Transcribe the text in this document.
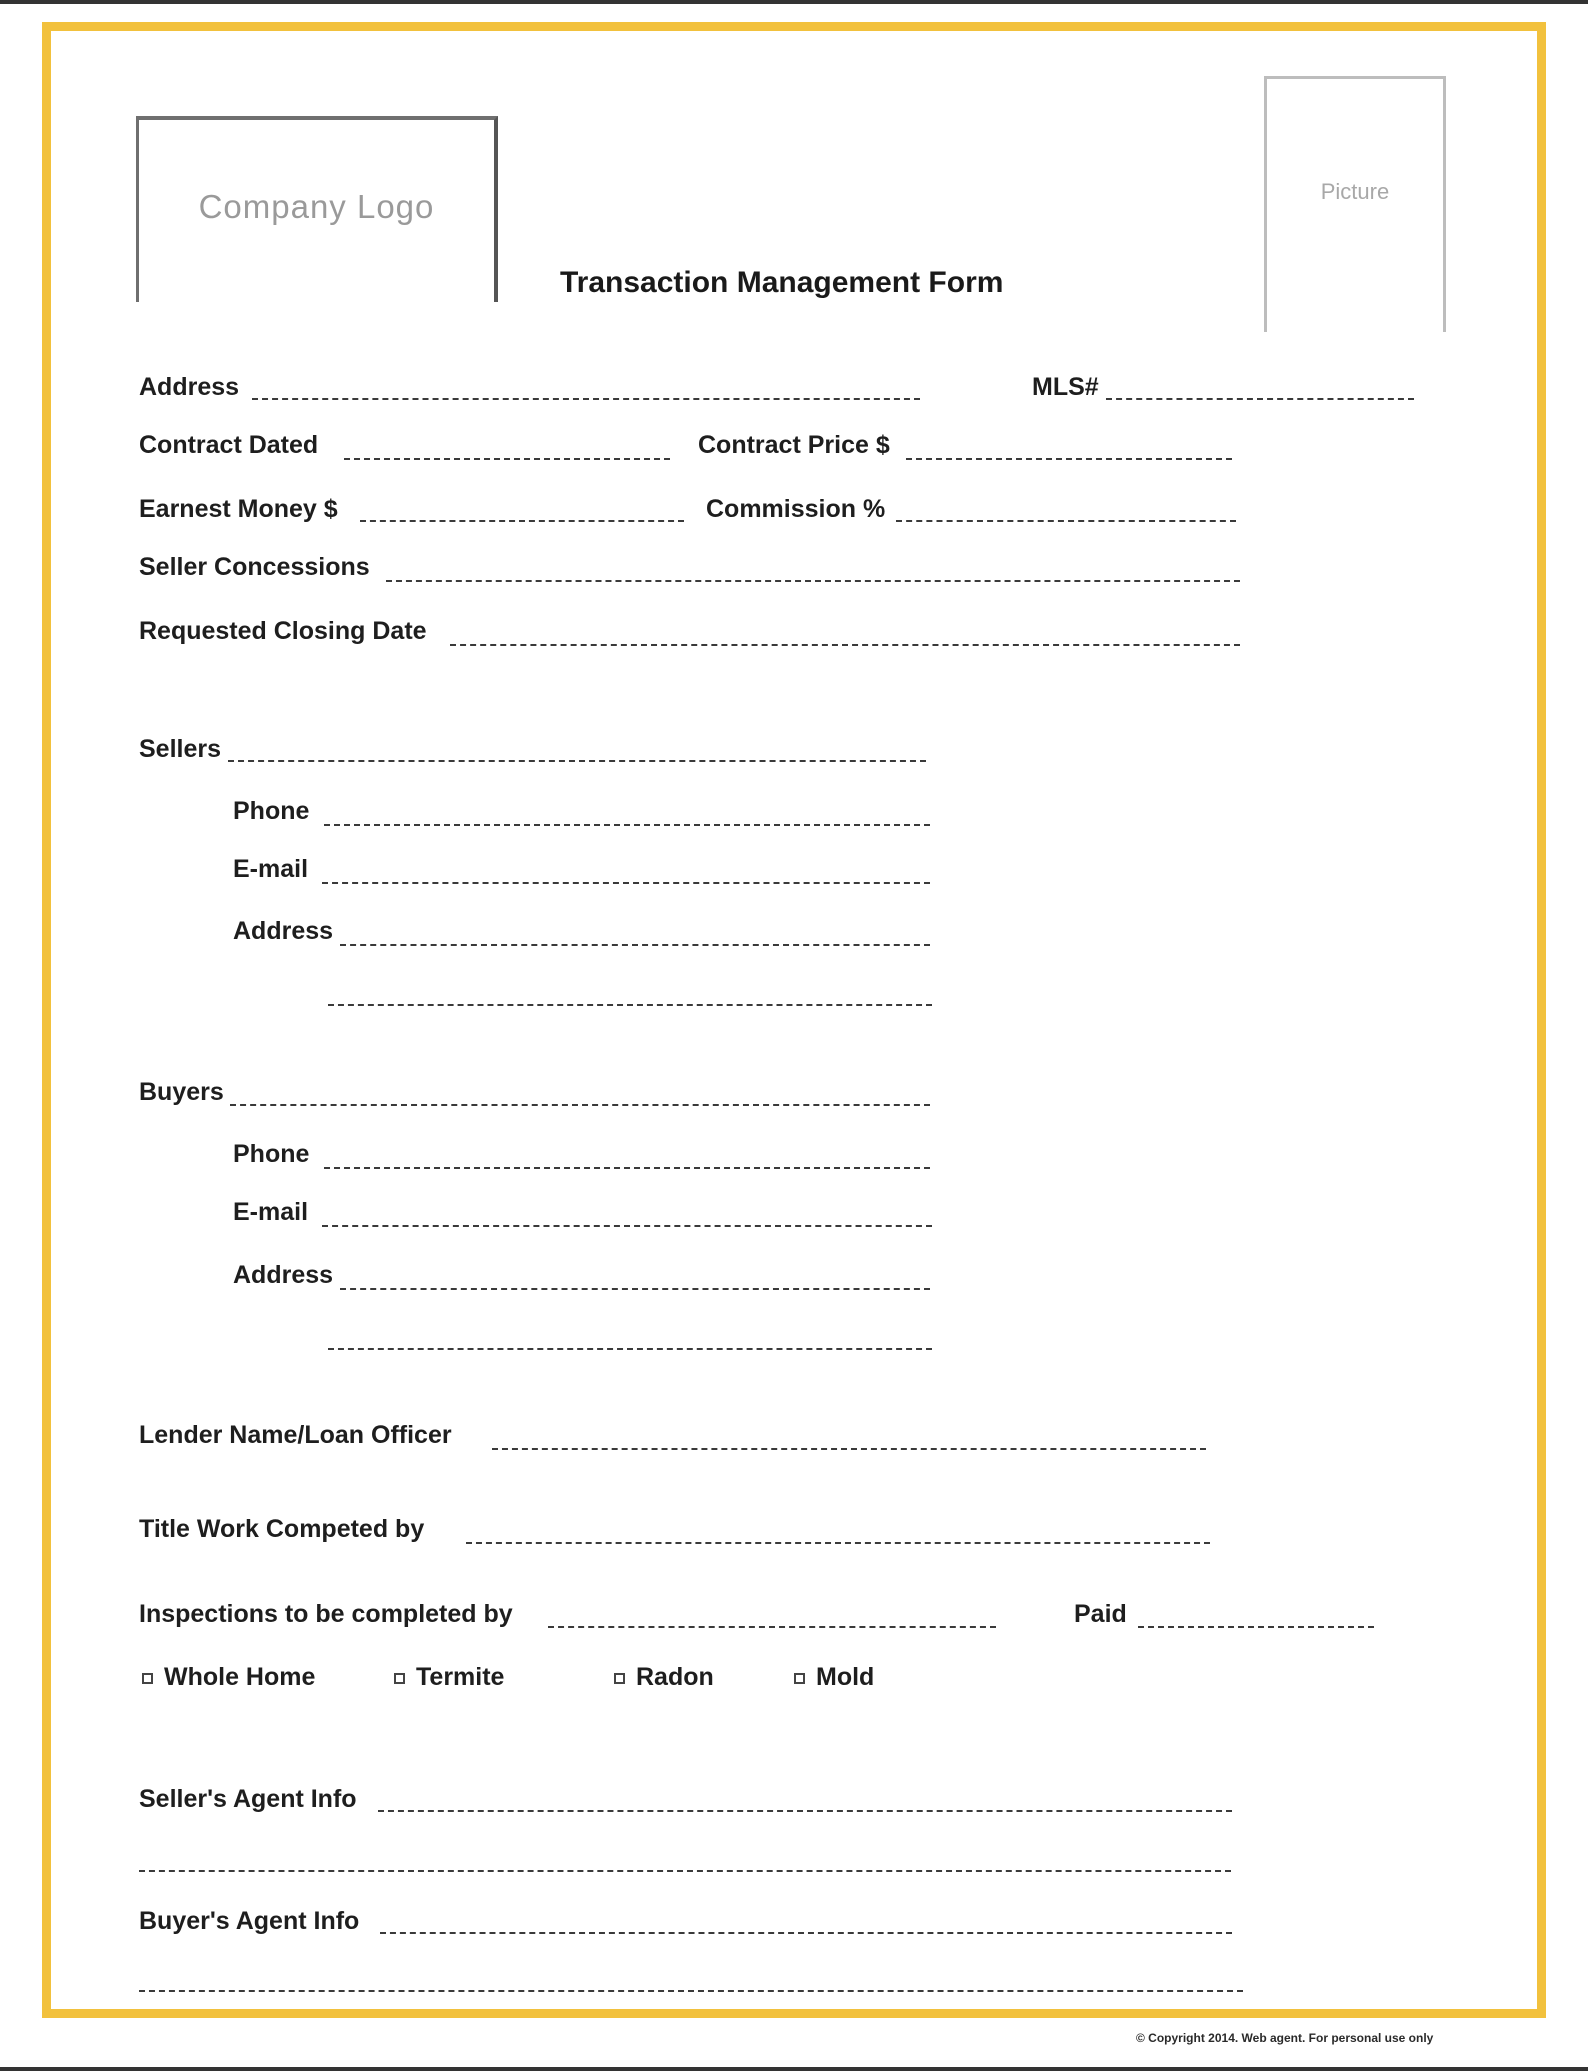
Company Logo	Picture
Transaction Management Form
Address	MLS#
Contract Dated	Contract Price $
Earnest Money $	Commission %
Seller Concessions
Requested Closing Date
Sellers
Phone
E-mail
Address
Buyers
Phone
E-mail
Address
Lender Name/Loan Officer
Title Work Competed by
Inspections to be completed by	Paid
Whole Home	Termite	Radon	Mold
Seller's Agent Info
Buyer's Agent Info
© Copyright 2014. Web agent. For personal use only
